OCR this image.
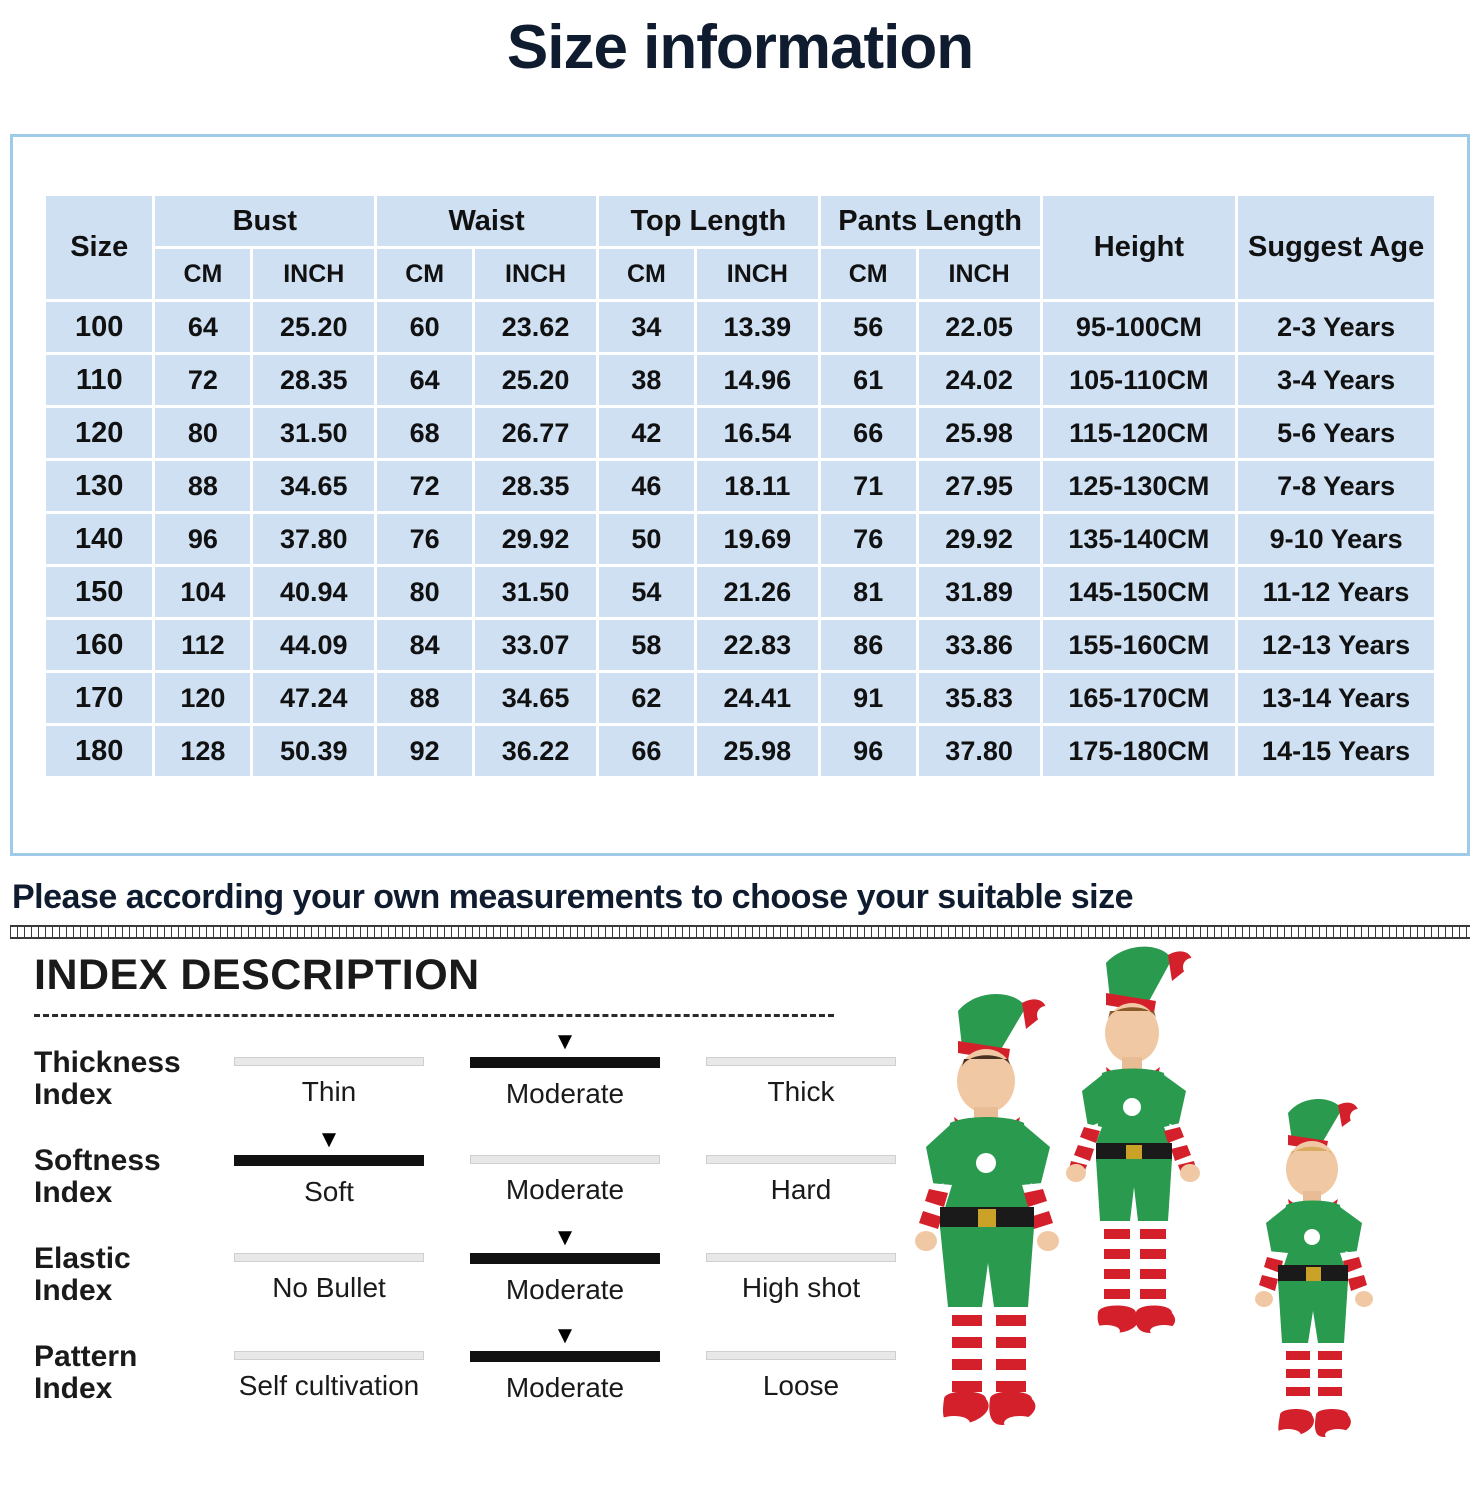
Size information
Size	Bust		Waist		Top Length		Pants Length		Height	Suggest Age
	CM	INCH	CM	INCH	CM	INCH	CM	INCH		
100	64	25.20	60	23.62	34	13.39	56	22.05	95-100CM	2-3 Years
110	72	28.35	64	25.20	38	14.96	61	24.02	105-110CM	3-4 Years
120	80	31.50	68	26.77	42	16.54	66	25.98	115-120CM	5-6 Years
130	88	34.65	72	28.35	46	18.11	71	27.95	125-130CM	7-8 Years
140	96	37.80	76	29.92	50	19.69	76	29.92	135-140CM	9-10 Years
150	104	40.94	80	31.50	54	21.26	81	31.89	145-150CM	11-12 Years
160	112	44.09	84	33.07	58	22.83	86	33.86	155-160CM	12-13 Years
170	120	47.24	88	34.65	62	24.41	91	35.83	165-170CM	13-14 Years
180	128	50.39	92	36.22	66	25.98	96	37.80	175-180CM	14-15 Years
Please according your own measurements to choose your suitable size
INDEX DESCRIPTION
Thickness
Index	Thin
▼
Moderate	Thick
Softness
Index
▼
Soft	Moderate	Hard
Elastic
Index	No Bullet
▼
Moderate	High shot
Pattern
Index	Self cultivation
▼
Moderate	Loose
